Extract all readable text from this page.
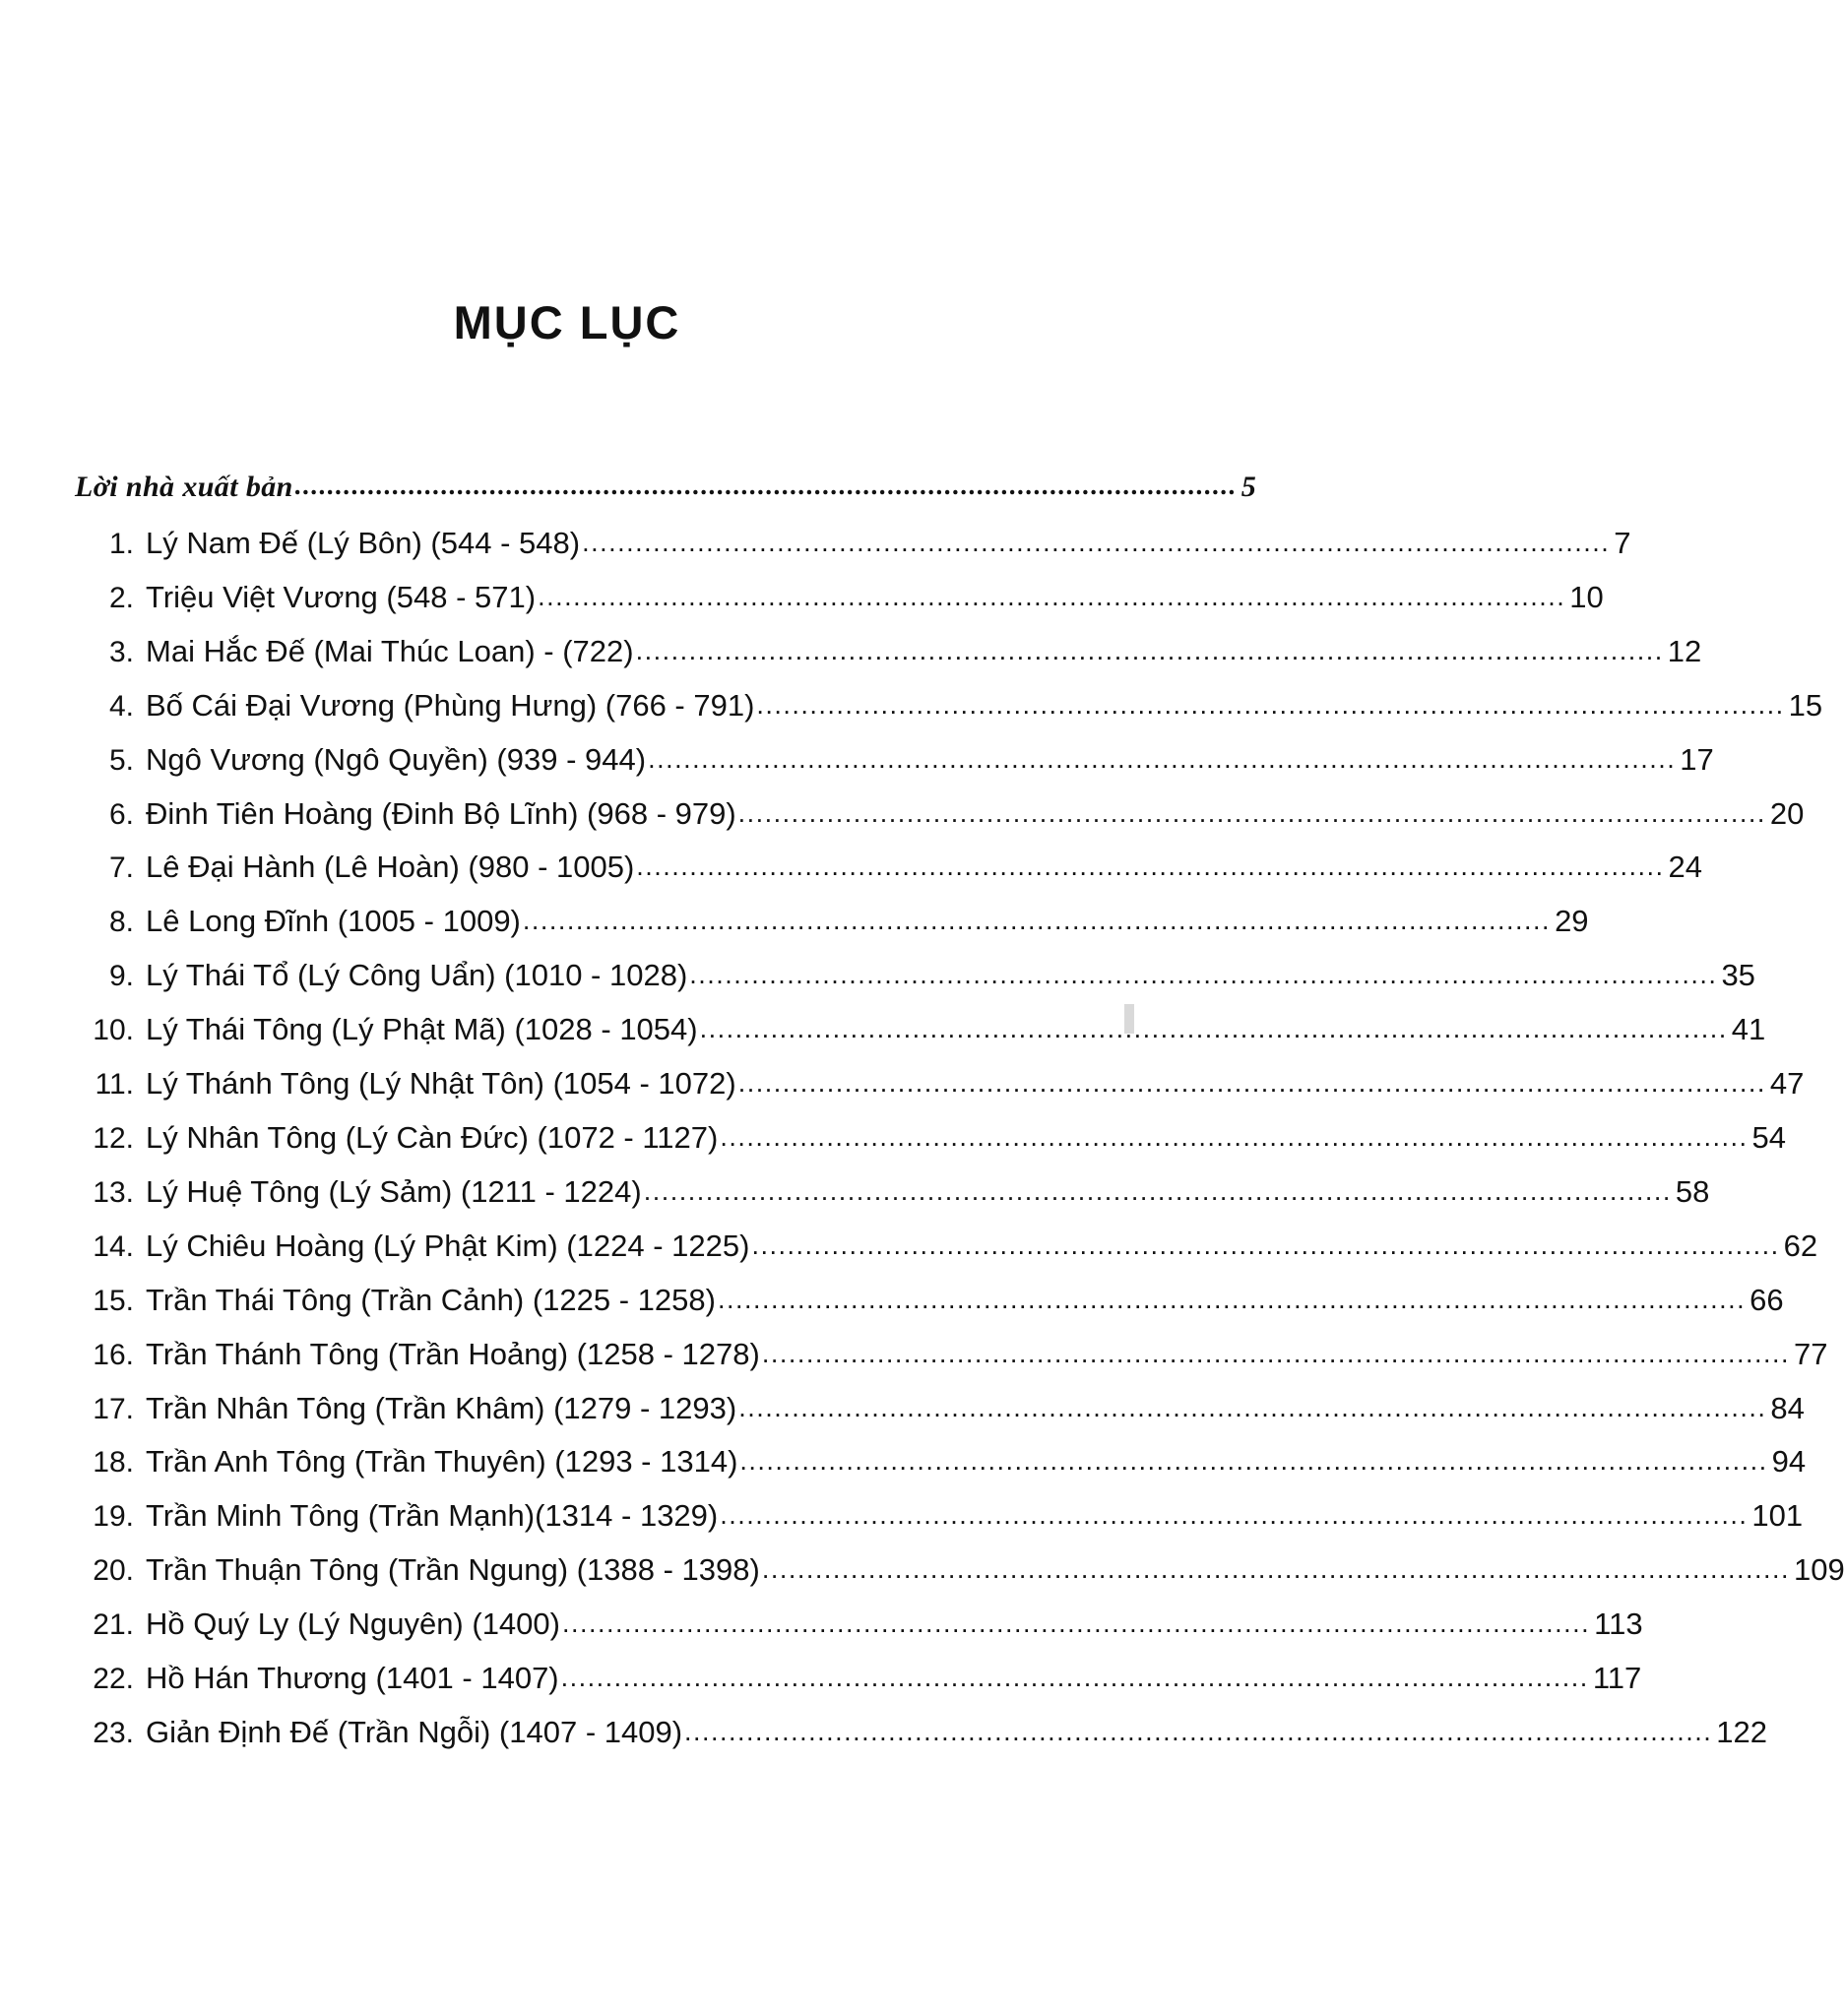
MỤC LỤC
Lời nhà xuất bản .................................................................................................................... 5
1. Lý Nam Đế (Lý Bôn) (544 - 548) .................................................................................................................... 7
2. Triệu Việt Vương (548 - 571) .................................................................................................................... 10
3. Mai Hắc Đế (Mai Thúc Loan) - (722) .................................................................................................................... 12
4. Bố Cái Đại Vương (Phùng Hưng) (766 - 791) .................................................................................................................... 15
5. Ngô Vương (Ngô Quyền) (939 - 944) .................................................................................................................... 17
6. Đinh Tiên Hoàng (Đinh Bộ Lĩnh) (968 - 979) .................................................................................................................... 20
7. Lê Đại Hành (Lê Hoàn) (980 - 1005) .................................................................................................................... 24
8. Lê Long Đĩnh (1005 - 1009) .................................................................................................................... 29
9. Lý Thái Tổ (Lý Công Uẩn) (1010 - 1028) .................................................................................................................... 35
10. Lý Thái Tông (Lý Phật Mã) (1028 - 1054) .................................................................................................................... 41
11. Lý Thánh Tông (Lý Nhật Tôn) (1054 - 1072) .................................................................................................................... 47
12. Lý Nhân Tông (Lý Càn Đức) (1072 - 1127) .................................................................................................................... 54
13. Lý Huệ Tông (Lý Sảm) (1211 - 1224) .................................................................................................................... 58
14. Lý Chiêu Hoàng (Lý Phật Kim) (1224 - 1225) .................................................................................................................... 62
15. Trần Thái Tông (Trần Cảnh) (1225 - 1258) .................................................................................................................... 66
16. Trần Thánh Tông (Trần Hoảng) (1258 - 1278) .................................................................................................................... 77
17. Trần Nhân Tông (Trần Khâm) (1279 - 1293) .................................................................................................................... 84
18. Trần Anh Tông (Trần Thuyên) (1293 - 1314) .................................................................................................................... 94
19. Trần Minh Tông (Trần Mạnh)(1314 - 1329) .................................................................................................................... 101
20. Trần Thuận Tông (Trần Ngung) (1388 - 1398) .................................................................................................................... 109
21. Hồ Quý Ly (Lý Nguyên) (1400) .................................................................................................................... 113
22. Hồ Hán Thương (1401 - 1407) .................................................................................................................... 117
23. Giản Định Đế (Trần Ngỗi) (1407 - 1409) .................................................................................................................... 122
